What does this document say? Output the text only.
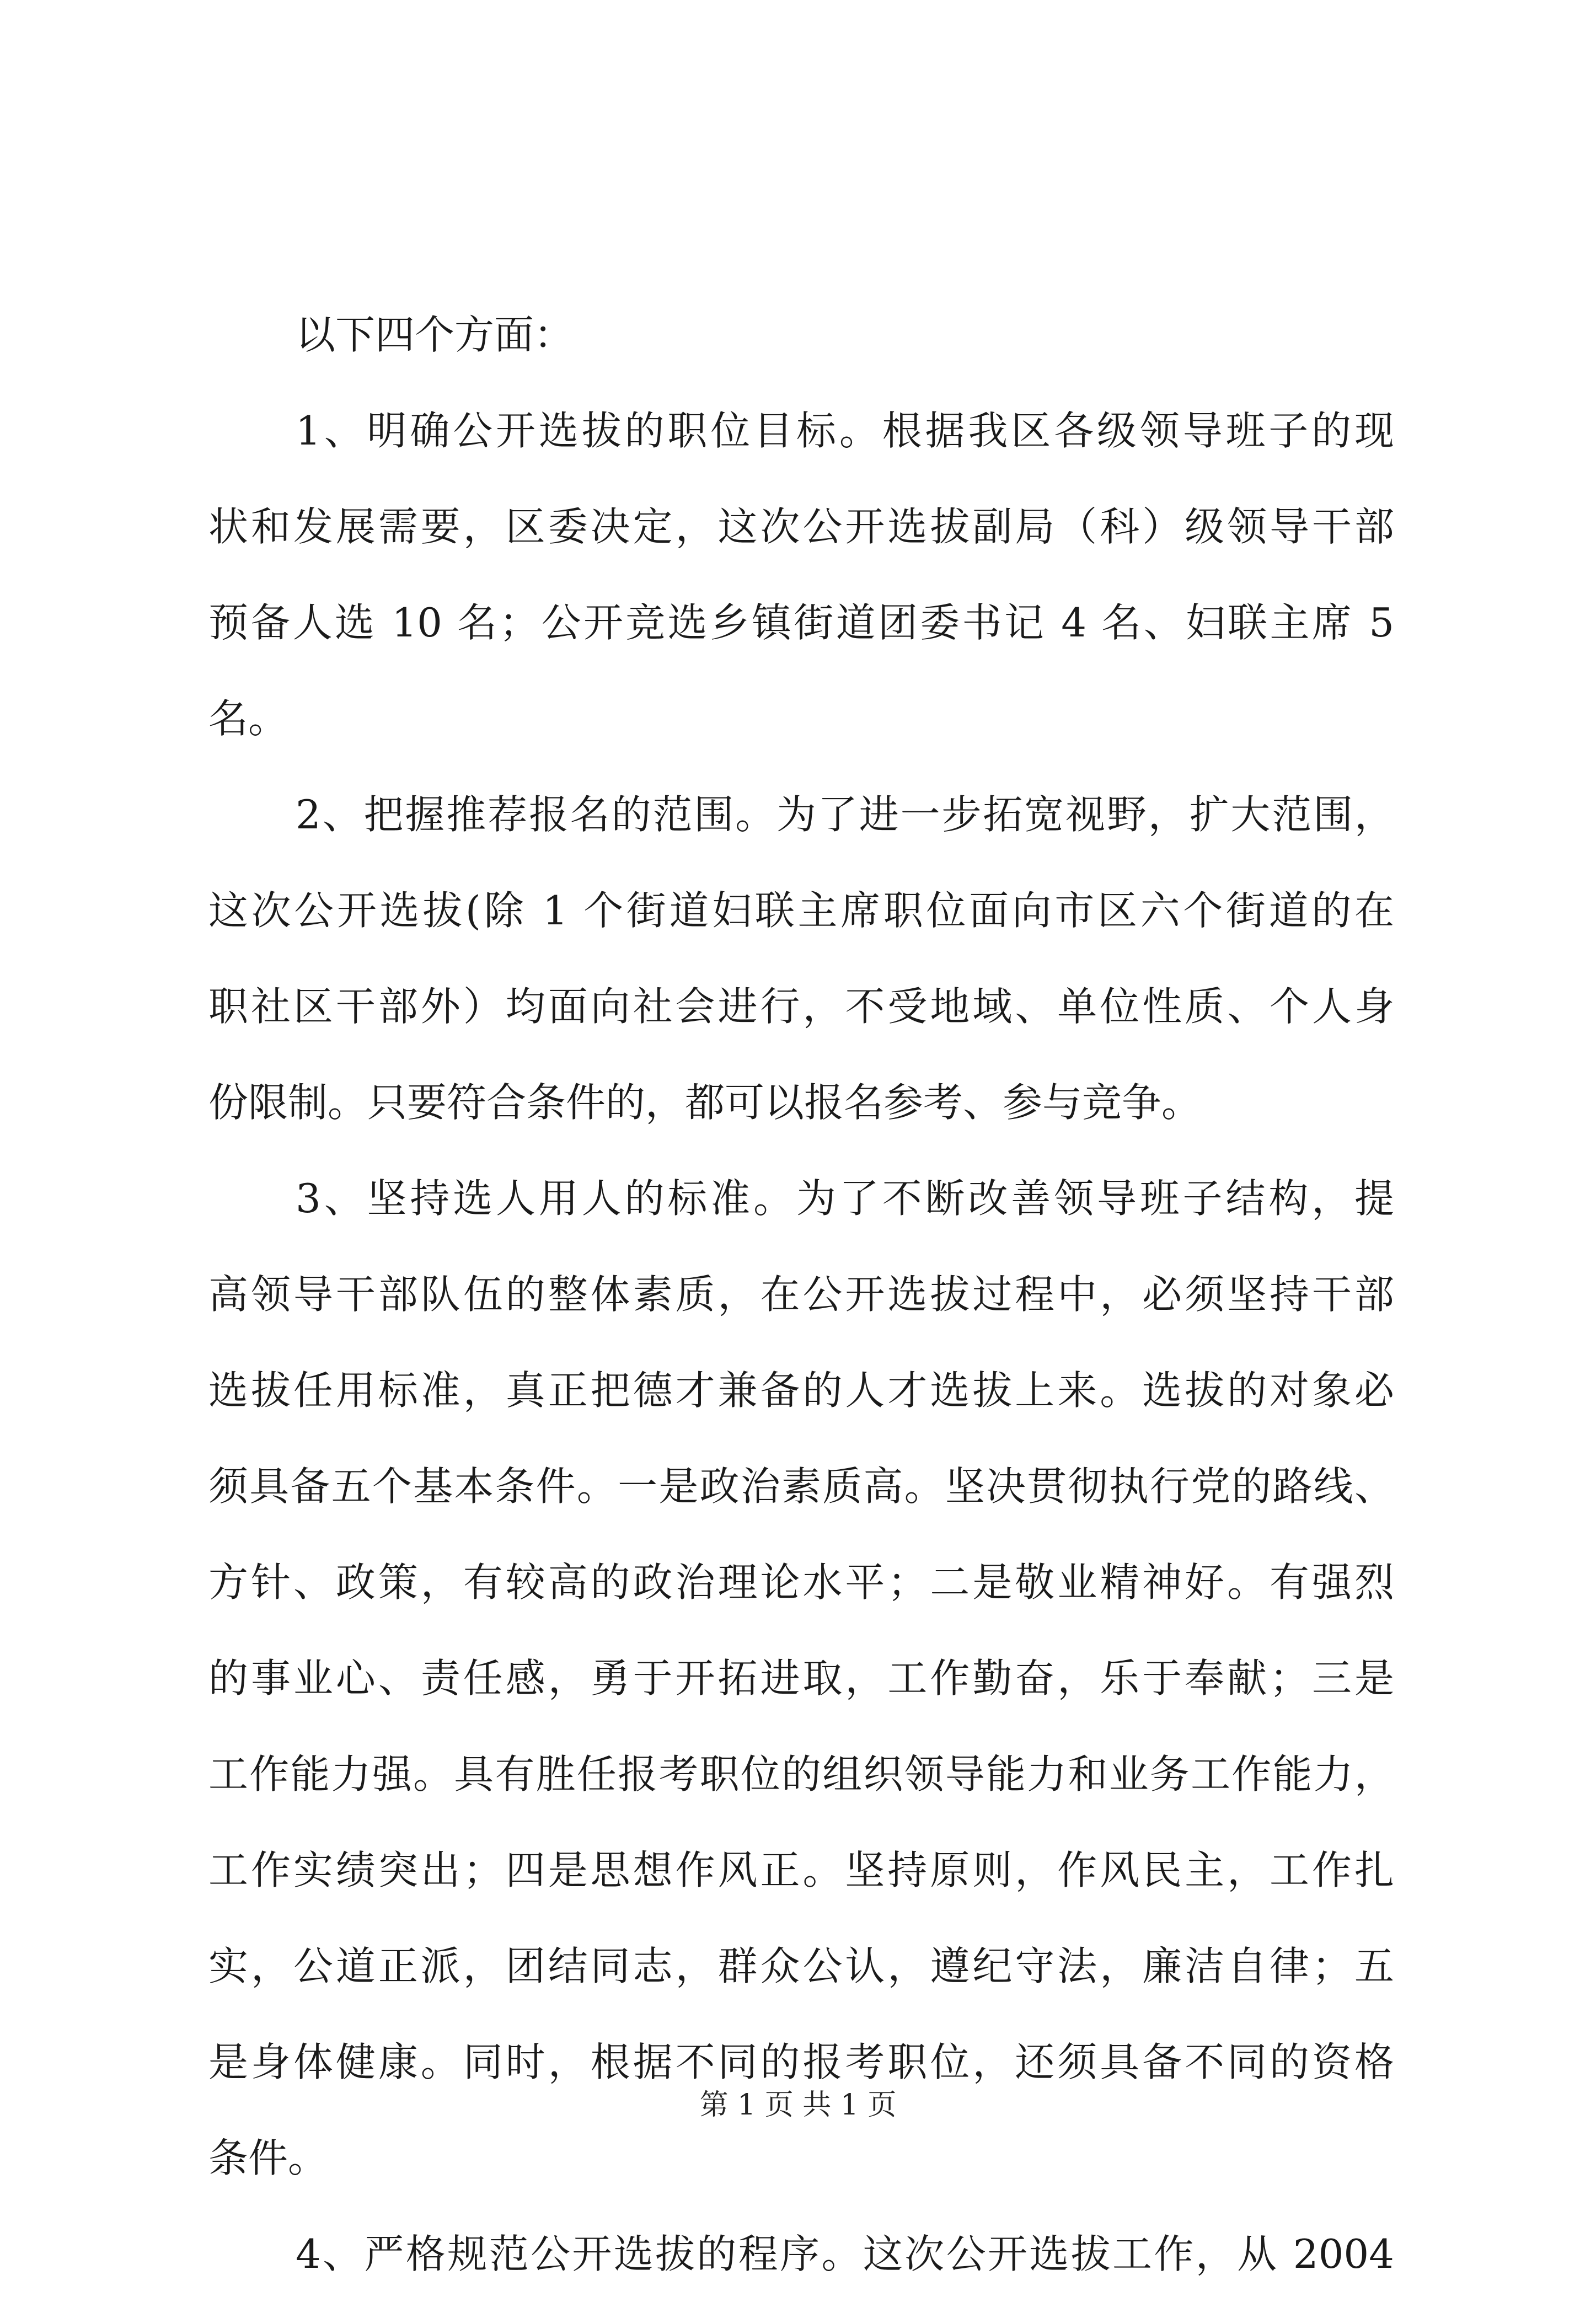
以下四个方面：
1、明确公开选拔的职位目标。根据我区各级领导班子的现
状和发展需要，区委决定，这次公开选拔副局（科）级领导干部
预备人选 10 名；公开竞选乡镇街道团委书记 4 名、妇联主席 5
名。
2、把握推荐报名的范围。为了进一步拓宽视野，扩大范围，
这次公开选拔(除 1 个街道妇联主席职位面向市区六个街道的在
职社区干部外）均面向社会进行，不受地域、单位性质、个人身
份限制。只要符合条件的，都可以报名参考、参与竞争。
3、坚持选人用人的标准。为了不断改善领导班子结构，提
高领导干部队伍的整体素质，在公开选拔过程中，必须坚持干部
选拔任用标准，真正把德才兼备的人才选拔上来。选拔的对象必
须具备五个基本条件。一是政治素质高。坚决贯彻执行党的路线、
方针、政策，有较高的政治理论水平；二是敬业精神好。有强烈
的事业心、责任感，勇于开拓进取，工作勤奋，乐于奉献；三是
工作能力强。具有胜任报考职位的组织领导能力和业务工作能力，
工作实绩突出；四是思想作风正。坚持原则，作风民主，工作扎
实，公道正派，团结同志，群众公认，遵纪守法，廉洁自律；五
是身体健康。同时，根据不同的报考职位，还须具备不同的资格
条件。
4、严格规范公开选拔的程序。这次公开选拔工作，从 2004
第 1 页 共 1 页
